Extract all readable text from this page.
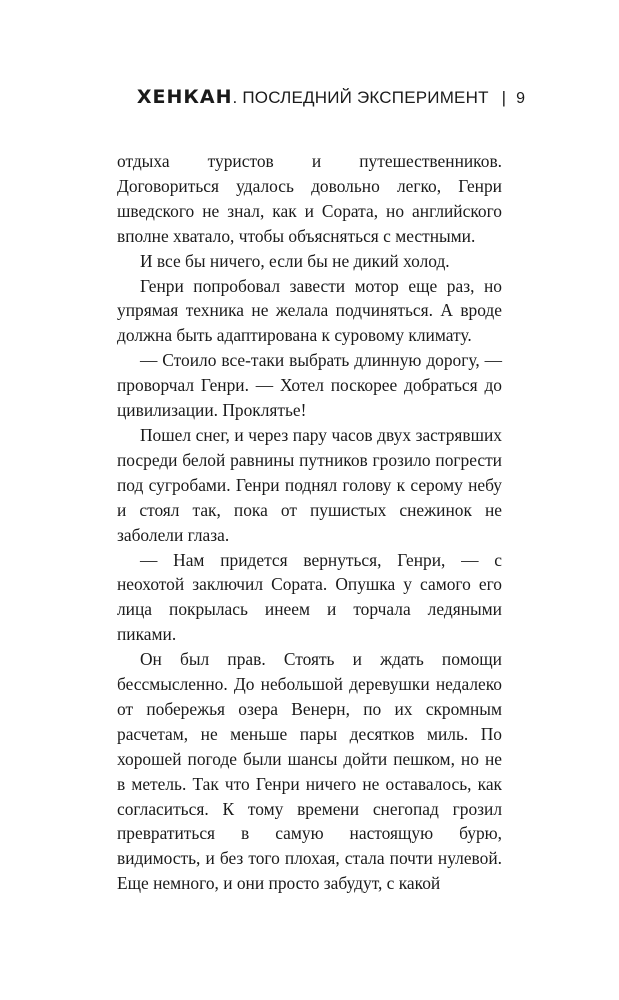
ХЕНКАН . ПОСЛЕДНИЙ ЭКСПЕРИМЕНТ | 9

отдыха туристов и путешественников. Договориться удалось довольно легко, Генри шведского не знал, как и Сората, но английского вполне хватало, чтобы объясняться с местными.

И все бы ничего, если бы не дикий холод.

Генри попробовал завести мотор еще раз, но упрямая техника не желала подчиняться. А вроде должна быть адаптирована к суровому климату.

— Стоило все-таки выбрать длинную дорогу, — проворчал Генри. — Хотел поскорее добраться до цивилизации. Проклятье!

Пошел снег, и через пару часов двух застрявших посреди белой равнины путников грозило погрести под сугробами. Генри поднял голову к серому небу и стоял так, пока от пушистых снежинок не заболели глаза.

— Нам придется вернуться, Генри, — с неохотой заключил Сората. Опушка у самого его лица покрылась инеем и торчала ледяными пиками.

Он был прав. Стоять и ждать помощи бессмысленно. До небольшой деревушки недалеко от побережья озера Венерн, по их скромным расчетам, не меньше пары десятков миль. По хорошей погоде были шансы дойти пешком, но не в метель. Так что Генри ничего не оставалось, как согласиться. К тому времени снегопад грозил превратиться в самую настоящую бурю, видимость, и без того плохая, стала почти нулевой. Еще немного, и они просто забудут, с какой
